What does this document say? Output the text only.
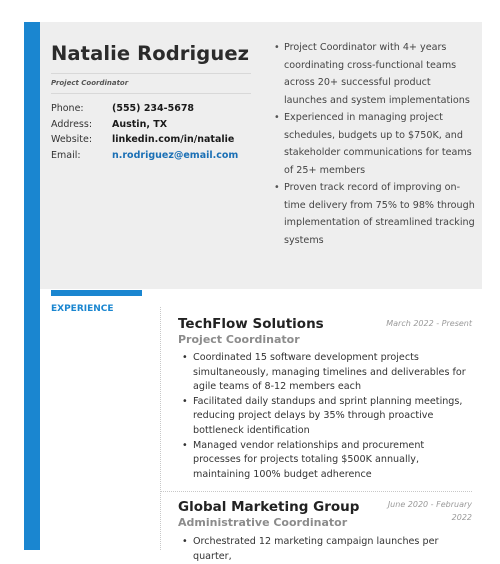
Natalie Rodriguez
Project Coordinator
Phone:	(555) 234-5678
Address:	Austin, TX
Website:	linkedin.com/in/natalie
Email:	n.rodriguez@email.com
• Project Coordinator with 4+ years coordinating cross-functional teams across 20+ successful product launches and system implementations
• Experienced in managing project schedules, budgets up to $750K, and stakeholder communications for teams of 25+ members
• Proven track record of improving on-time delivery from 75% to 98% through implementation of streamlined tracking systems
EXPERIENCE
TechFlow Solutions	March 2022 - Present
Project Coordinator
• Coordinated 15 software development projects simultaneously, managing timelines and deliverables for agile teams of 8-12 members each
• Facilitated daily standups and sprint planning meetings, reducing project delays by 35% through proactive bottleneck identification
• Managed vendor relationships and procurement processes for projects totaling $500K annually, maintaining 100% budget adherence
Global Marketing Group	June 2020 - February 2022
Administrative Coordinator
• Orchestrated 12 marketing campaign launches per quarter,
